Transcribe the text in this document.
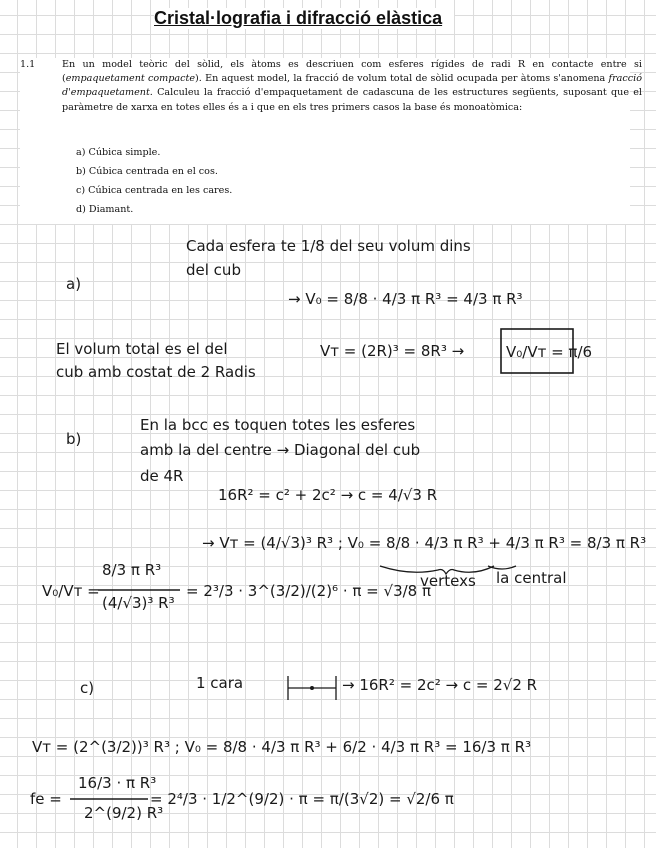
Cristal·lografia i difracció elàstica
1.1	En un model teòric del sòlid, els àtoms es descriuen com esferes rígides de radi R en contacte entre si (empaquetament compacte). En aquest model, la fracció de volum total de sòlid ocupada per àtoms s'anomena fracció d'empaquetament. Calculeu la fracció d'empaquetament de cadascuna de les estructures següents, suposant que el paràmetre de xarxa en totes elles és a i que en els tres primers casos la base és monoatòmica:
a) Cúbica simple.
b) Cúbica centrada en el cos.
c) Cúbica centrada en les cares.
d) Diamant.
a)
Cada esfera te 1/8 del seu volum dins
del cub
→ V₀ = 8/8 · 4/3 π R³ = 4/3 π R³
El volum total es el del
cub amb costat de 2 Radis
Vᴛ = (2R)³ = 8R³ →	V₀/Vᴛ = π/6
b)
En la bcc es toquen totes les esferes
amb la del centre → Diagonal del cub
de 4R
16R² = c² + 2c² → c = 4/√3 R
→ Vᴛ = (4/√3)³ R³ ; V₀ = 8/8 · 4/3 π R³ + 4/3 π R³ = 8/3 π R³
vertexs la central
V₀/Vᴛ =
8/3 π R³
(4/√3)³ R³
= 2³/3 · 3^(3/2)/(2)⁶ · π = √3/8 π
c)	1 cara	→ 16R² = 2c² → c = 2√2 R
Vᴛ = (2^(3/2))³ R³ ; V₀ = 8/8 · 4/3 π R³ + 6/2 · 4/3 π R³ = 16/3 π R³
fe =
16/3 · π R³
2^(9/2) R³
= 2⁴/3 · 1/2^(9/2) · π = π/(3√2) = √2/6 π
